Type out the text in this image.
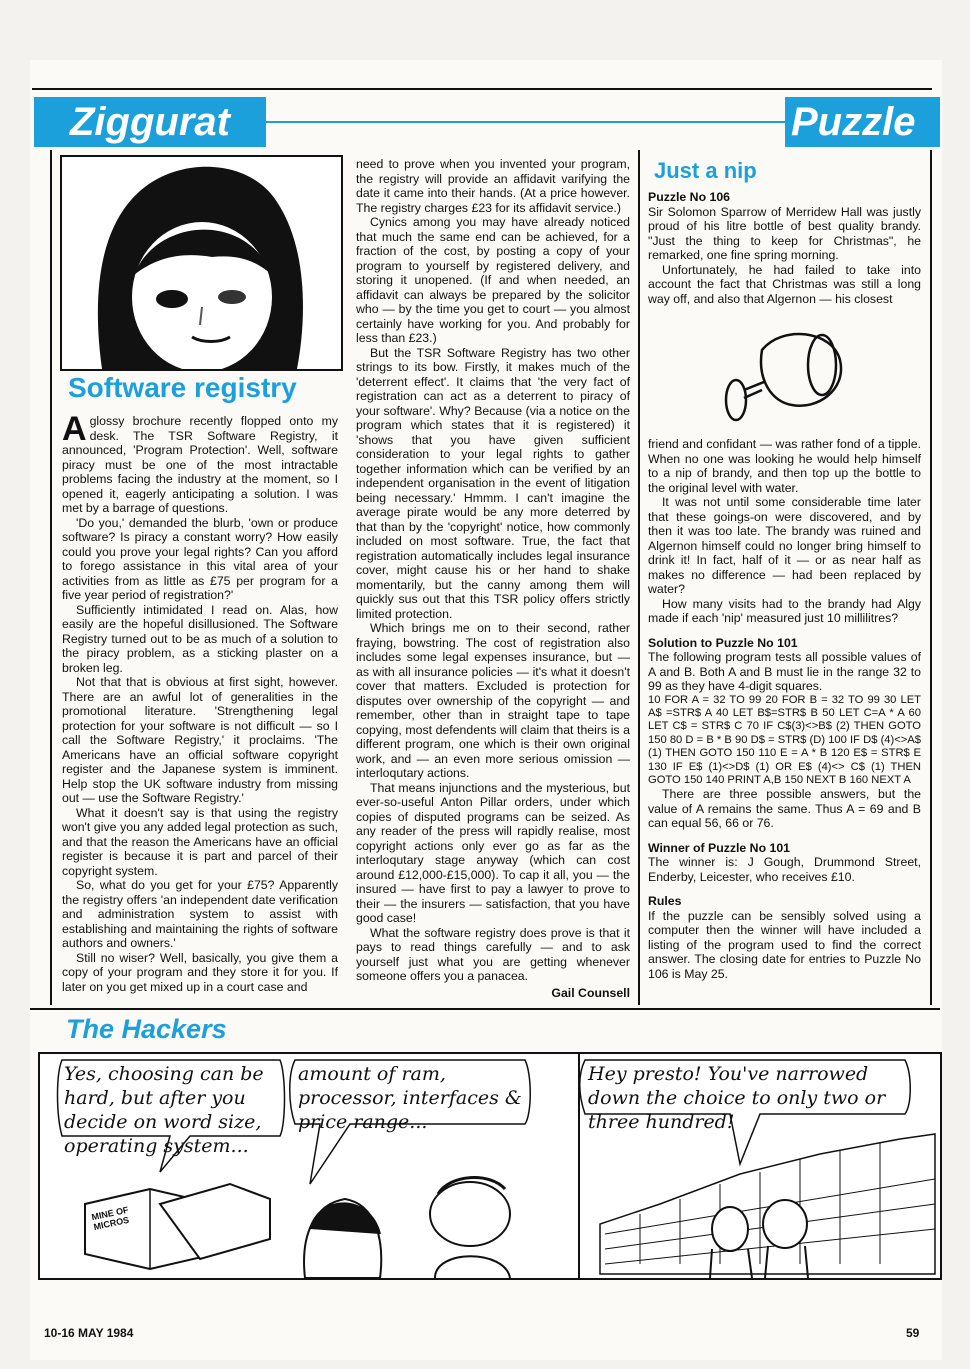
Ziggurat	Puzzle
Software registry

Aglossy brochure recently flopped onto my desk. The TSR Software Registry, it announced, 'Program Protection'. Well, software piracy must be one of the most intractable problems facing the industry at the moment, so I opened it, eagerly anticipating a solution. I was met by a barrage of questions.

'Do you,' demanded the blurb, 'own or produce software? Is piracy a constant worry? How easily could you prove your legal rights? Can you afford to forego assistance in this vital area of your activities from as little as £75 per program for a five year period of registration?'

Sufficiently intimidated I read on. Alas, how easily are the hopeful disillusioned. The Software Registry turned out to be as much of a solution to the piracy problem, as a sticking plaster on a broken leg.

Not that that is obvious at first sight, however. There are an awful lot of generalities in the promotional literature. 'Strengthening legal protection for your software is not difficult — so I call the Software Registry,' it proclaims. 'The Americans have an official software copyright register and the Japanese system is imminent. Help stop the UK software industry from missing out — use the Software Registry.'

What it doesn't say is that using the registry won't give you any added legal protection as such, and that the reason the Americans have an official register is because it is part and parcel of their copyright system.

So, what do you get for your £75? Apparently the registry offers 'an independent date verification and administration system to assist with establishing and maintaining the rights of software authors and owners.'

Still no wiser? Well, basically, you give them a copy of your program and they store it for you. If later on you get mixed up in a court case and

need to prove when you invented your program, the registry will provide an affidavit varifying the date it came into their hands. (At a price however. The registry charges £23 for its affidavit service.)

Cynics among you may have already noticed that much the same end can be achieved, for a fraction of the cost, by posting a copy of your program to yourself by registered delivery, and storing it unopened. (If and when needed, an affidavit can always be prepared by the solicitor who — by the time you get to court — you almost certainly have working for you. And probably for less than £23.)

But the TSR Software Registry has two other strings to its bow. Firstly, it makes much of the 'deterrent effect'. It claims that 'the very fact of registration can act as a deterrent to piracy of your software'. Why? Because (via a notice on the program which states that it is registered) it 'shows that you have given sufficient consideration to your legal rights to gather together information which can be verified by an independent organisation in the event of litigation being necessary.' Hmmm. I can't imagine the average pirate would be any more deterred by that than by the 'copyright' notice, how commonly included on most software. True, the fact that registration automatically includes legal insurance cover, might cause his or her hand to shake momentarily, but the canny among them will quickly sus out that this TSR policy offers strictly limited protection.

Which brings me on to their second, rather fraying, bowstring. The cost of registration also includes some legal expenses insurance, but — as with all insurance policies — it's what it doesn't cover that matters. Excluded is protection for disputes over ownership of the copyright — and remember, other than in straight tape to tape copying, most defendents will claim that theirs is a different program, one which is their own original work, and — an even more serious omission — interloqutary actions.

That means injunctions and the mysterious, but ever-so-useful Anton Pillar orders, under which copies of disputed programs can be seized. As any reader of the press will rapidly realise, most copyright actions only ever go as far as the interloqutary stage anyway (which can cost around £12,000-£15,000). To cap it all, you — the insured — have first to pay a lawyer to prove to their — the insurers — satisfaction, that you have good case!

What the software registry does prove is that it pays to read things carefully — and to ask yourself just what you are getting whenever someone offers you a panacea.

Gail Counsell
Just a nip
Puzzle No 106

Sir Solomon Sparrow of Merridew Hall was justly proud of his litre bottle of best quality brandy. "Just the thing to keep for Christmas", he remarked, one fine spring morning.

Unfortunately, he had failed to take into account the fact that Christmas was still a long way off, and also that Algernon — his closest

friend and confidant — was rather fond of a tipple. When no one was looking he would help himself to a nip of brandy, and then top up the bottle to the original level with water.

It was not until some considerable time later that these goings-on were discovered, and by then it was too late. The brandy was ruined and Algernon himself could no longer bring himself to drink it! In fact, half of it — or as near half as makes no difference — had been replaced by water?

How many visits had to the brandy had Algy made if each 'nip' measured just 10 millilitres?

Solution to Puzzle No 101

The following program tests all possible values of A and B. Both A and B must lie in the range 32 to 99 as they have 4-digit squares.

10 FOR A = 32 TO 99 20 FOR B = 32 TO 99 30 LET A$ =STR$ A 40 LET B$=STR$ B 50 LET C=A * A 60 LET C$ = STR$ C 70 IF C$(3)<>B$ (2) THEN GOTO 150 80 D = B * B 90 D$ = STR$ (D) 100 IF D$ (4)<>A$ (1) THEN GOTO 150 110 E = A * B 120 E$ = STR$ E 130 IF E$ (1)<>D$ (1) OR E$ (4)<> C$ (1) THEN GOTO 150 140 PRINT A,B 150 NEXT B 160 NEXT A

There are three possible answers, but the value of A remains the same. Thus A = 69 and B can equal 56, 66 or 76.

Winner of Puzzle No 101

The winner is: J Gough, Drummond Street, Enderby, Leicester, who receives £10.

Rules

If the puzzle can be sensibly solved using a computer then the winner will have included a listing of the program used to find the correct answer. The closing date for entries to Puzzle No 106 is May 25.

The Hackers
Yes, choosing can be hard, but after you decide on word size, operating system...
amount of ram, processor, interfaces & price range...
Hey presto! You've narrowed down the choice to only two or three hundred!
MINE OF MICROS
10-16 MAY 1984	59
